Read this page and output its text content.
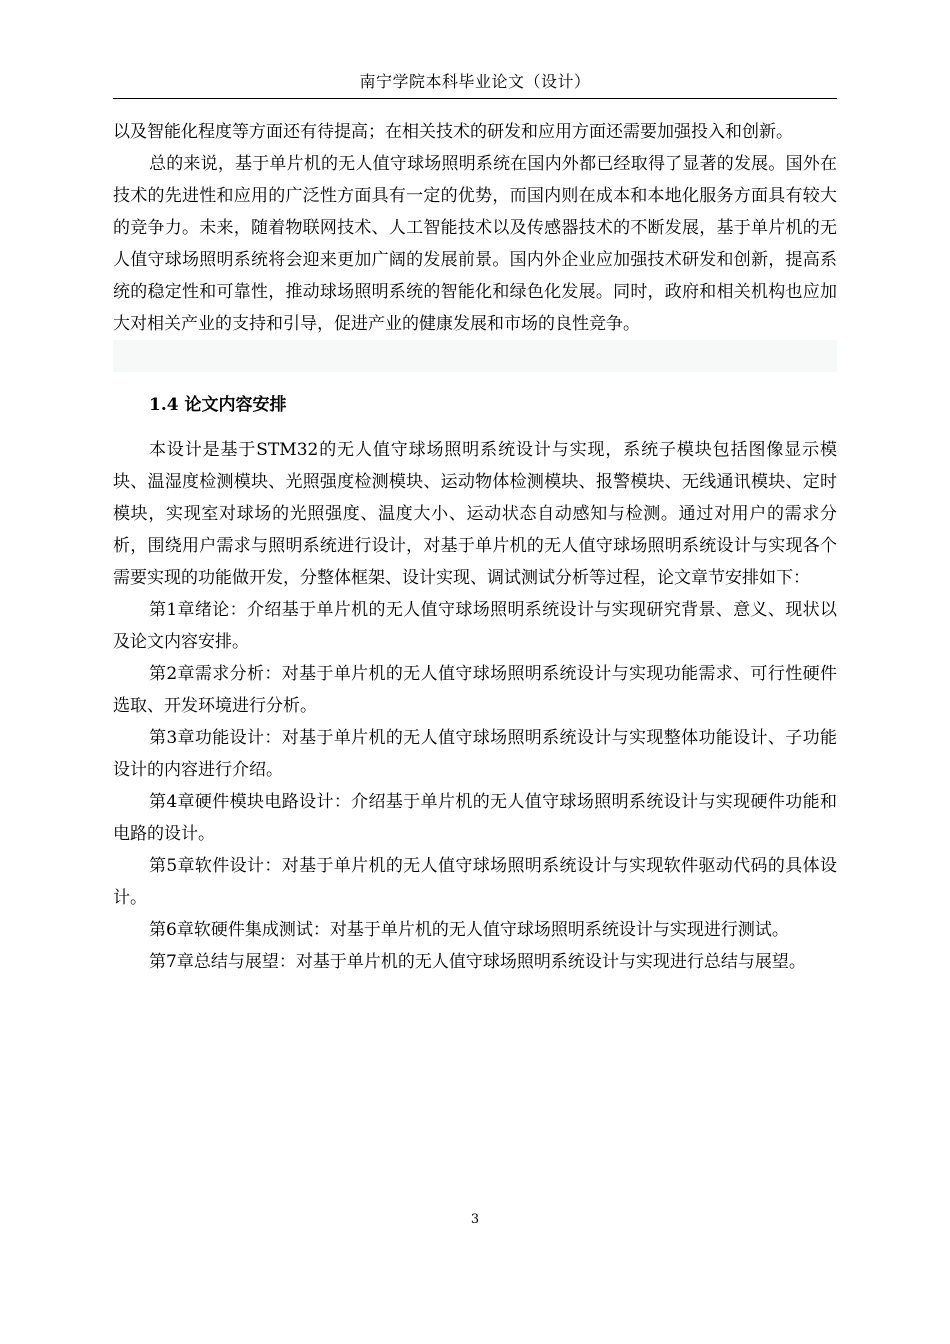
南宁学院本科毕业论文（设计）

以及智能化程度等方面还有待提高；在相关技术的研发和应用方面还需要加强投入和创新。

总的来说，基于单片机的无人值守球场照明系统在国内外都已经取得了显著的发展。国外在技术的先进性和应用的广泛性方面具有一定的优势，而国内则在成本和本地化服务方面具有较大的竞争力。未来，随着物联网技术、人工智能技术以及传感器技术的不断发展，基于单片机的无人值守球场照明系统将会迎来更加广阔的发展前景。国内外企业应加强技术研发和创新，提高系统的稳定性和可靠性，推动球场照明系统的智能化和绿色化发展。同时，政府和相关机构也应加大对相关产业的支持和引导，促进产业的健康发展和市场的良性竞争。

1.4 论文内容安排

本设计是基于STM32的无人值守球场照明系统设计与实现，系统子模块包括图像显示模块、温湿度检测模块、光照强度检测模块、运动物体检测模块、报警模块、无线通讯模块、定时模块，实现室对球场的光照强度、温度大小、运动状态自动感知与检测。通过对用户的需求分析，围绕用户需求与照明系统进行设计，对基于单片机的无人值守球场照明系统设计与实现各个需要实现的功能做开发，分整体框架、设计实现、调试测试分析等过程，论文章节安排如下：

第1章绪论：介绍基于单片机的无人值守球场照明系统设计与实现研究背景、意义、现状以及论文内容安排。

第2章需求分析：对基于单片机的无人值守球场照明系统设计与实现功能需求、可行性硬件选取、开发环境进行分析。

第3章功能设计：对基于单片机的无人值守球场照明系统设计与实现整体功能设计、子功能设计的内容进行介绍。

第4章硬件模块电路设计：介绍基于单片机的无人值守球场照明系统设计与实现硬件功能和电路的设计。

第5章软件设计：对基于单片机的无人值守球场照明系统设计与实现软件驱动代码的具体设计。

第6章软硬件集成测试：对基于单片机的无人值守球场照明系统设计与实现进行测试。

第7章总结与展望：对基于单片机的无人值守球场照明系统设计与实现进行总结与展望。

3
